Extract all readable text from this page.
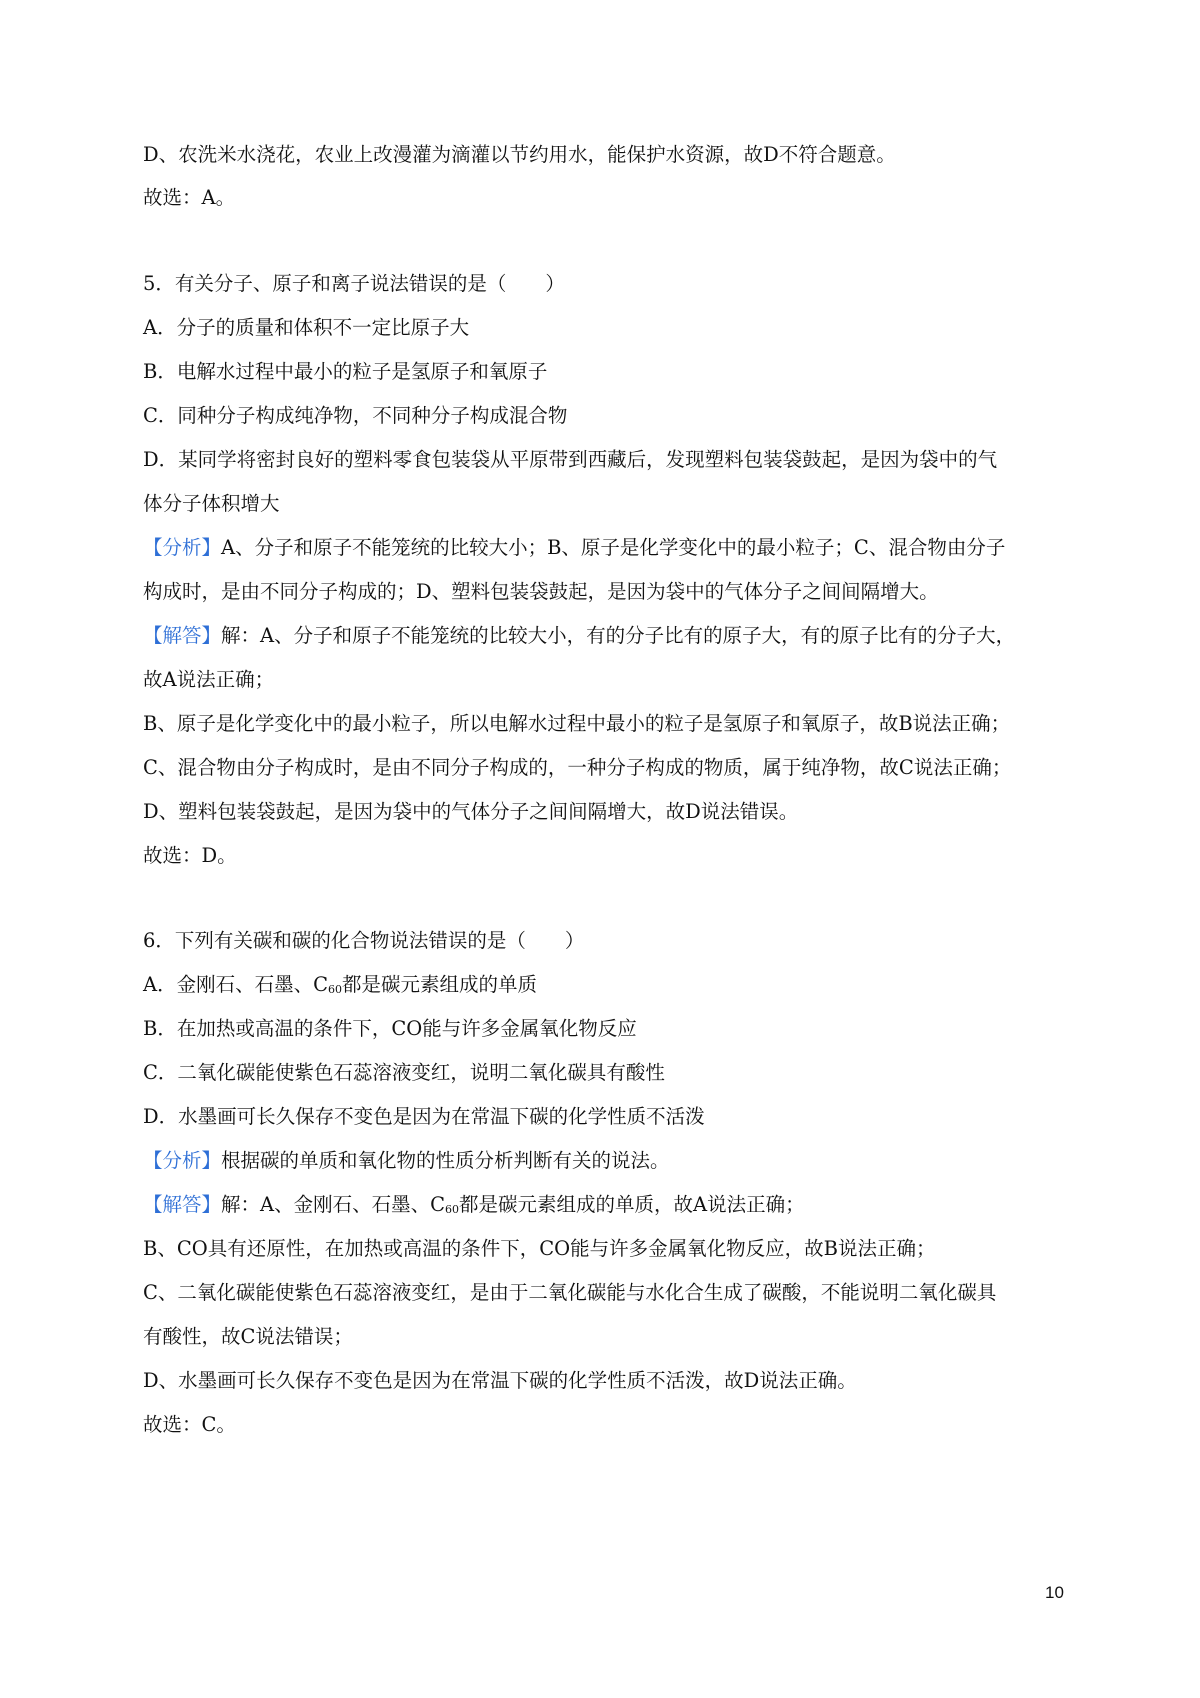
D、农洗米水浇花，农业上改漫灌为滴灌以节约用水，能保护水资源，故D不符合题意。
故选：A。
5．有关分子、原子和离子说法错误的是（　　）
A．分子的质量和体积不一定比原子大
B．电解水过程中最小的粒子是氢原子和氧原子
C．同种分子构成纯净物，不同种分子构成混合物
D．某同学将密封良好的塑料零食包装袋从平原带到西藏后，发现塑料包装袋鼓起，是因为袋中的气
体分子体积增大
【分析】A、分子和原子不能笼统的比较大小；B、原子是化学变化中的最小粒子；C、混合物由分子
构成时，是由不同分子构成的；D、塑料包装袋鼓起，是因为袋中的气体分子之间间隔增大。
【解答】解：A、分子和原子不能笼统的比较大小，有的分子比有的原子大，有的原子比有的分子大，
故A说法正确；
B、原子是化学变化中的最小粒子，所以电解水过程中最小的粒子是氢原子和氧原子，故B说法正确；
C、混合物由分子构成时，是由不同分子构成的，一种分子构成的物质，属于纯净物，故C说法正确；
D、塑料包装袋鼓起，是因为袋中的气体分子之间间隔增大，故D说法错误。
故选：D。
6．下列有关碳和碳的化合物说法错误的是（　　）
A．金刚石、石墨、$C_{60}$都是碳元素组成的单质
B．在加热或高温的条件下，CO能与许多金属氧化物反应
C．二氧化碳能使紫色石蕊溶液变红，说明二氧化碳具有酸性
D．水墨画可长久保存不变色是因为在常温下碳的化学性质不活泼
【分析】根据碳的单质和氧化物的性质分析判断有关的说法。
【解答】解：A、金刚石、石墨、$C_{60}$都是碳元素组成的单质，故A说法正确；
B、CO具有还原性，在加热或高温的条件下，CO能与许多金属氧化物反应，故B说法正确；
C、二氧化碳能使紫色石蕊溶液变红，是由于二氧化碳能与水化合生成了碳酸，不能说明二氧化碳具
有酸性，故C说法错误；
D、水墨画可长久保存不变色是因为在常温下碳的化学性质不活泼，故D说法正确。
故选：C。
10
